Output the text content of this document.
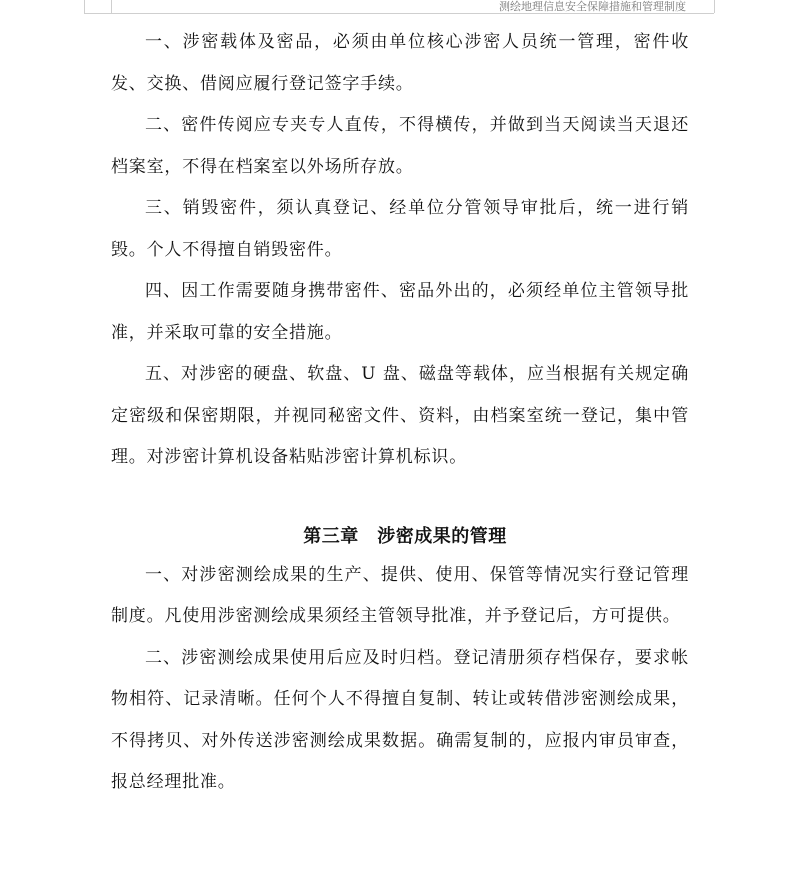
测绘地理信息安全保障措施和管理制度

一、涉密载体及密品，必须由单位核心涉密人员统一管理，密件收发、交换、借阅应履行登记签字手续。

二、密件传阅应专夹专人直传，不得横传，并做到当天阅读当天退还档案室，不得在档案室以外场所存放。

三、销毁密件，须认真登记、经单位分管领导审批后，统一进行销毁。个人不得擅自销毁密件。

四、因工作需要随身携带密件、密品外出的，必须经单位主管领导批准，并采取可靠的安全措施。

五、对涉密的硬盘、软盘、U 盘、磁盘等载体，应当根据有关规定确定密级和保密期限，并视同秘密文件、资料，由档案室统一登记，集中管理。对涉密计算机设备粘贴涉密计算机标识。

第三章　涉密成果的管理

一、对涉密测绘成果的生产、提供、使用、保管等情况实行登记管理制度。凡使用涉密测绘成果须经主管领导批准，并予登记后，方可提供。

二、涉密测绘成果使用后应及时归档。登记清册须存档保存，要求帐物相符、记录清晰。任何个人不得擅自复制、转让或转借涉密测绘成果，不得拷贝、对外传送涉密测绘成果数据。确需复制的，应报内审员审查，报总经理批准。
